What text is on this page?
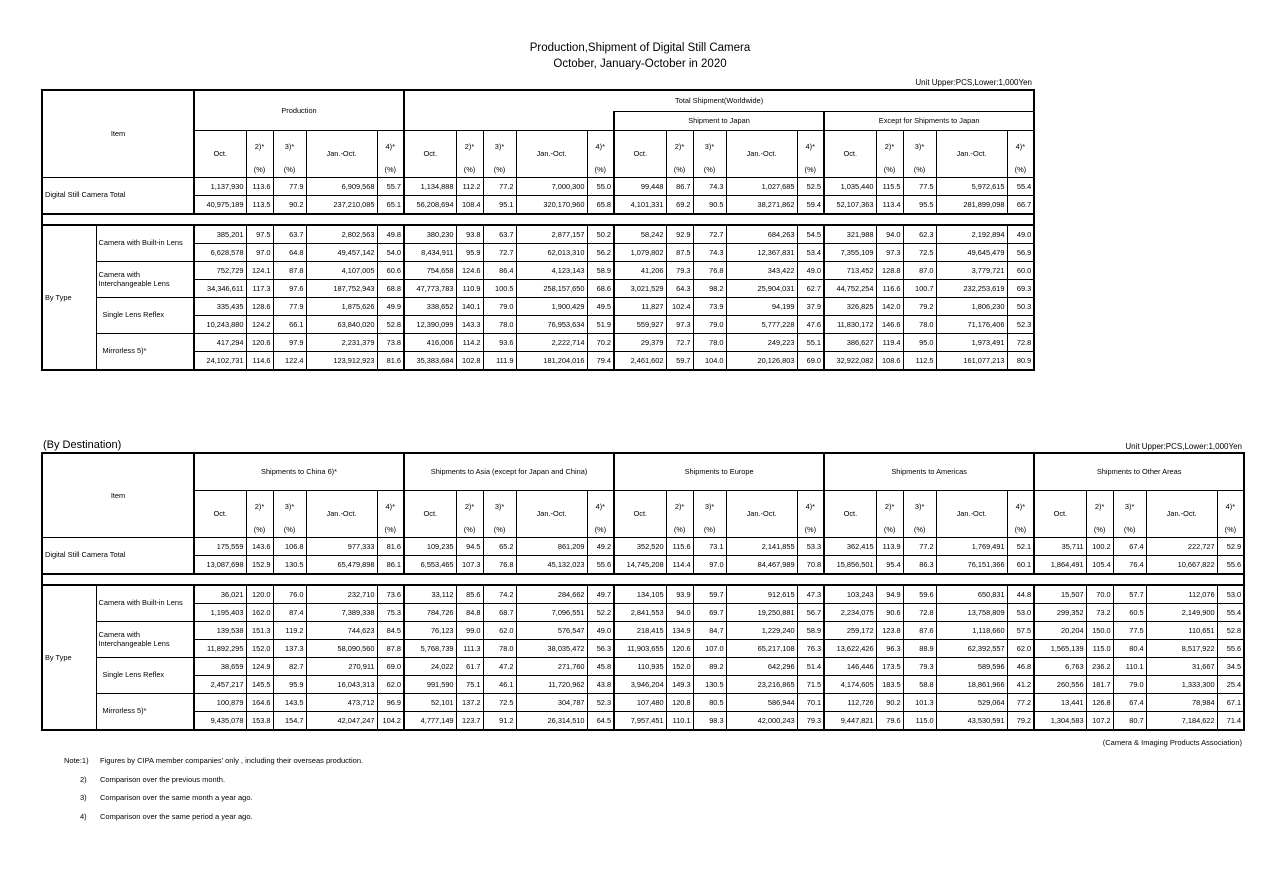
Production,Shipment of Digital Still Camera
October, January-October in 2020
Unit Upper:PCS,Lower:1,000Yen
Item		Production					Total Shipment(Worldwide)														
												Shipment to Japan					Except for Shipments to Japan				
		Oct.	2)*	3)*	Jan.-Oct.	4)*	Oct.	2)*	3)*	Jan.-Oct.	4)*	Oct.	2)*	3)*	Jan.-Oct.	4)*	Oct.	2)*	3)*	Jan.-Oct.	4)*
			(%)	(%)		(%)		(%)	(%)		(%)		(%)	(%)		(%)		(%)	(%)		(%)
Digital Still Camera Total		1,137,930	113.6	77.9	6,909,568	55.7	1,134,888	112.2	77.2	7,000,300	55.0	99,448	86.7	74.3	1,027,685	52.5	1,035,440	115.5	77.5	5,972,615	55.4
		40,975,189	113.5	90.2	237,210,085	65.1	56,208,694	108.4	95.1	320,170,960	65.8	4,101,331	69.2	90.5	38,271,862	59.4	52,107,363	113.4	95.5	281,899,098	66.7

By Type	Camera with Built-in Lens	385,201	97.5	63.7	2,802,563	49.8	380,230	93.8	63.7	2,877,157	50.2	58,242	92.9	72.7	684,263	54.5	321,988	94.0	62.3	2,192,894	49.0
		6,628,578	97.0	64.8	49,457,142	54.0	8,434,911	95.9	72.7	62,013,310	56.2	1,079,802	87.5	74.3	12,367,831	53.4	7,355,109	97.3	72.5	49,645,479	56.9
	Camera with Interchangeable Lens	752,729	124.1	87.8	4,107,005	60.6	754,658	124.6	86.4	4,123,143	58.9	41,206	79.3	76.8	343,422	49.0	713,452	128.8	87.0	3,779,721	60.0
		34,346,611	117.3	97.6	187,752,943	68.8	47,773,783	110.9	100.5	258,157,650	68.6	3,021,529	64.3	98.2	25,904,031	62.7	44,752,254	116.6	100.7	232,253,619	69.3
	Single Lens Reflex	335,435	128.6	77.9	1,875,626	49.9	338,652	140.1	79.0	1,900,429	49.5	11,827	102.4	73.9	94,199	37.9	326,825	142.0	79.2	1,806,230	50.3
		10,243,880	124.2	66.1	63,840,020	52.8	12,390,099	143.3	78.0	76,953,634	51.9	559,927	97.3	79.0	5,777,228	47.6	11,830,172	146.6	78.0	71,176,406	52.3
	Mirrorless 5)*	417,294	120.6	97.9	2,231,379	73.8	416,006	114.2	93.6	2,222,714	70.2	29,379	72.7	78.0	249,223	55.1	386,627	119.4	95.0	1,973,491	72.8
		24,102,731	114.6	122.4	123,912,923	81.6	35,383,684	102.8	111.9	181,204,016	79.4	2,461,602	59.7	104.0	20,126,803	69.0	32,922,082	108.6	112.5	161,077,213	80.9
(By Destination)	Unit Upper:PCS,Lower:1,000Yen
Item		Shipments to China 6)*					Shipments to Asia (except for Japan and China)					Shipments to Europe					Shipments to Americas					Shipments to Other Areas				
		Oct.	2)*	3)*	Jan.-Oct.	4)*	Oct.	2)*	3)*	Jan.-Oct.	4)*	Oct.	2)*	3)*	Jan.-Oct.	4)*	Oct.	2)*	3)*	Jan.-Oct.	4)*	Oct.	2)*	3)*	Jan.-Oct.	4)*
			(%)	(%)		(%)		(%)	(%)		(%)		(%)	(%)		(%)		(%)	(%)		(%)		(%)	(%)		(%)
Digital Still Camera Total		175,559	143.6	106.8	977,333	81.6	109,235	94.5	65.2	861,209	49.2	352,520	115.6	73.1	2,141,855	53.3	362,415	113.9	77.2	1,769,491	52.1	35,711	100.2	67.4	222,727	52.9
		13,087,698	152.9	130.5	65,479,898	86.1	6,553,465	107.3	76.8	45,132,023	55.6	14,745,208	114.4	97.0	84,467,989	70.8	15,856,501	95.4	86.3	76,151,366	60.1	1,864,491	105.4	76.4	10,667,822	55.6

By Type	Camera with Built-in Lens	36,021	120.0	76.0	232,710	73.6	33,112	85.6	74.2	284,662	49.7	134,105	93.9	59.7	912,615	47.3	103,243	94.9	59.6	650,831	44.8	15,507	70.0	57.7	112,076	53.0
		1,195,403	162.0	87.4	7,389,338	75.3	784,726	84.8	68.7	7,096,551	52.2	2,841,553	94.0	69.7	19,250,881	56.7	2,234,075	90.6	72.8	13,758,809	53.0	299,352	73.2	60.5	2,149,900	55.4
	Camera with Interchangeable Lens	139,538	151.3	119.2	744,623	84.5	76,123	99.0	62.0	576,547	49.0	218,415	134.9	84.7	1,229,240	58.9	259,172	123.8	87.6	1,118,660	57.5	20,204	150.0	77.5	110,651	52.8
		11,892,295	152.0	137.3	58,090,560	87.8	5,768,739	111.3	78.0	38,035,472	56.3	11,903,655	120.6	107.0	65,217,108	76.3	13,622,426	96.3	88.9	62,392,557	62.0	1,565,139	115.0	80.4	8,517,922	55.6
	Single Lens Reflex	38,659	124.9	82.7	270,911	69.0	24,022	61.7	47.2	271,760	45.8	110,935	152.0	89.2	642,296	51.4	146,446	173.5	79.3	589,596	46.8	6,763	236.2	110.1	31,667	34.5
		2,457,217	145.5	95.9	16,043,313	62.0	991,590	75.1	46.1	11,720,962	43.8	3,946,204	149.3	130.5	23,216,865	71.5	4,174,605	183.5	58.8	18,861,966	41.2	260,556	181.7	79.0	1,333,300	25.4
	Mirrorless 5)*	100,879	164.6	143.5	473,712	96.9	52,101	137.2	72.5	304,787	52.3	107,480	120.8	80.5	586,944	70.1	112,726	90.2	101.3	529,064	77.2	13,441	126.8	67.4	78,984	67.1
		9,435,078	153.8	154.7	42,047,247	104.2	4,777,149	123.7	91.2	26,314,510	64.5	7,957,451	110.1	98.3	42,000,243	79.3	9,447,821	79.6	115.0	43,530,591	79.2	1,304,583	107.2	80.7	7,184,622	71.4
(Camera & Imaging Products Association)
Note:1)	Figures by CIPA member companies' only , including their overseas production.
2)	Comparison over the previous month.
3)	Comparison over the same month a year ago.
4)	Comparison over the same period a year ago.
